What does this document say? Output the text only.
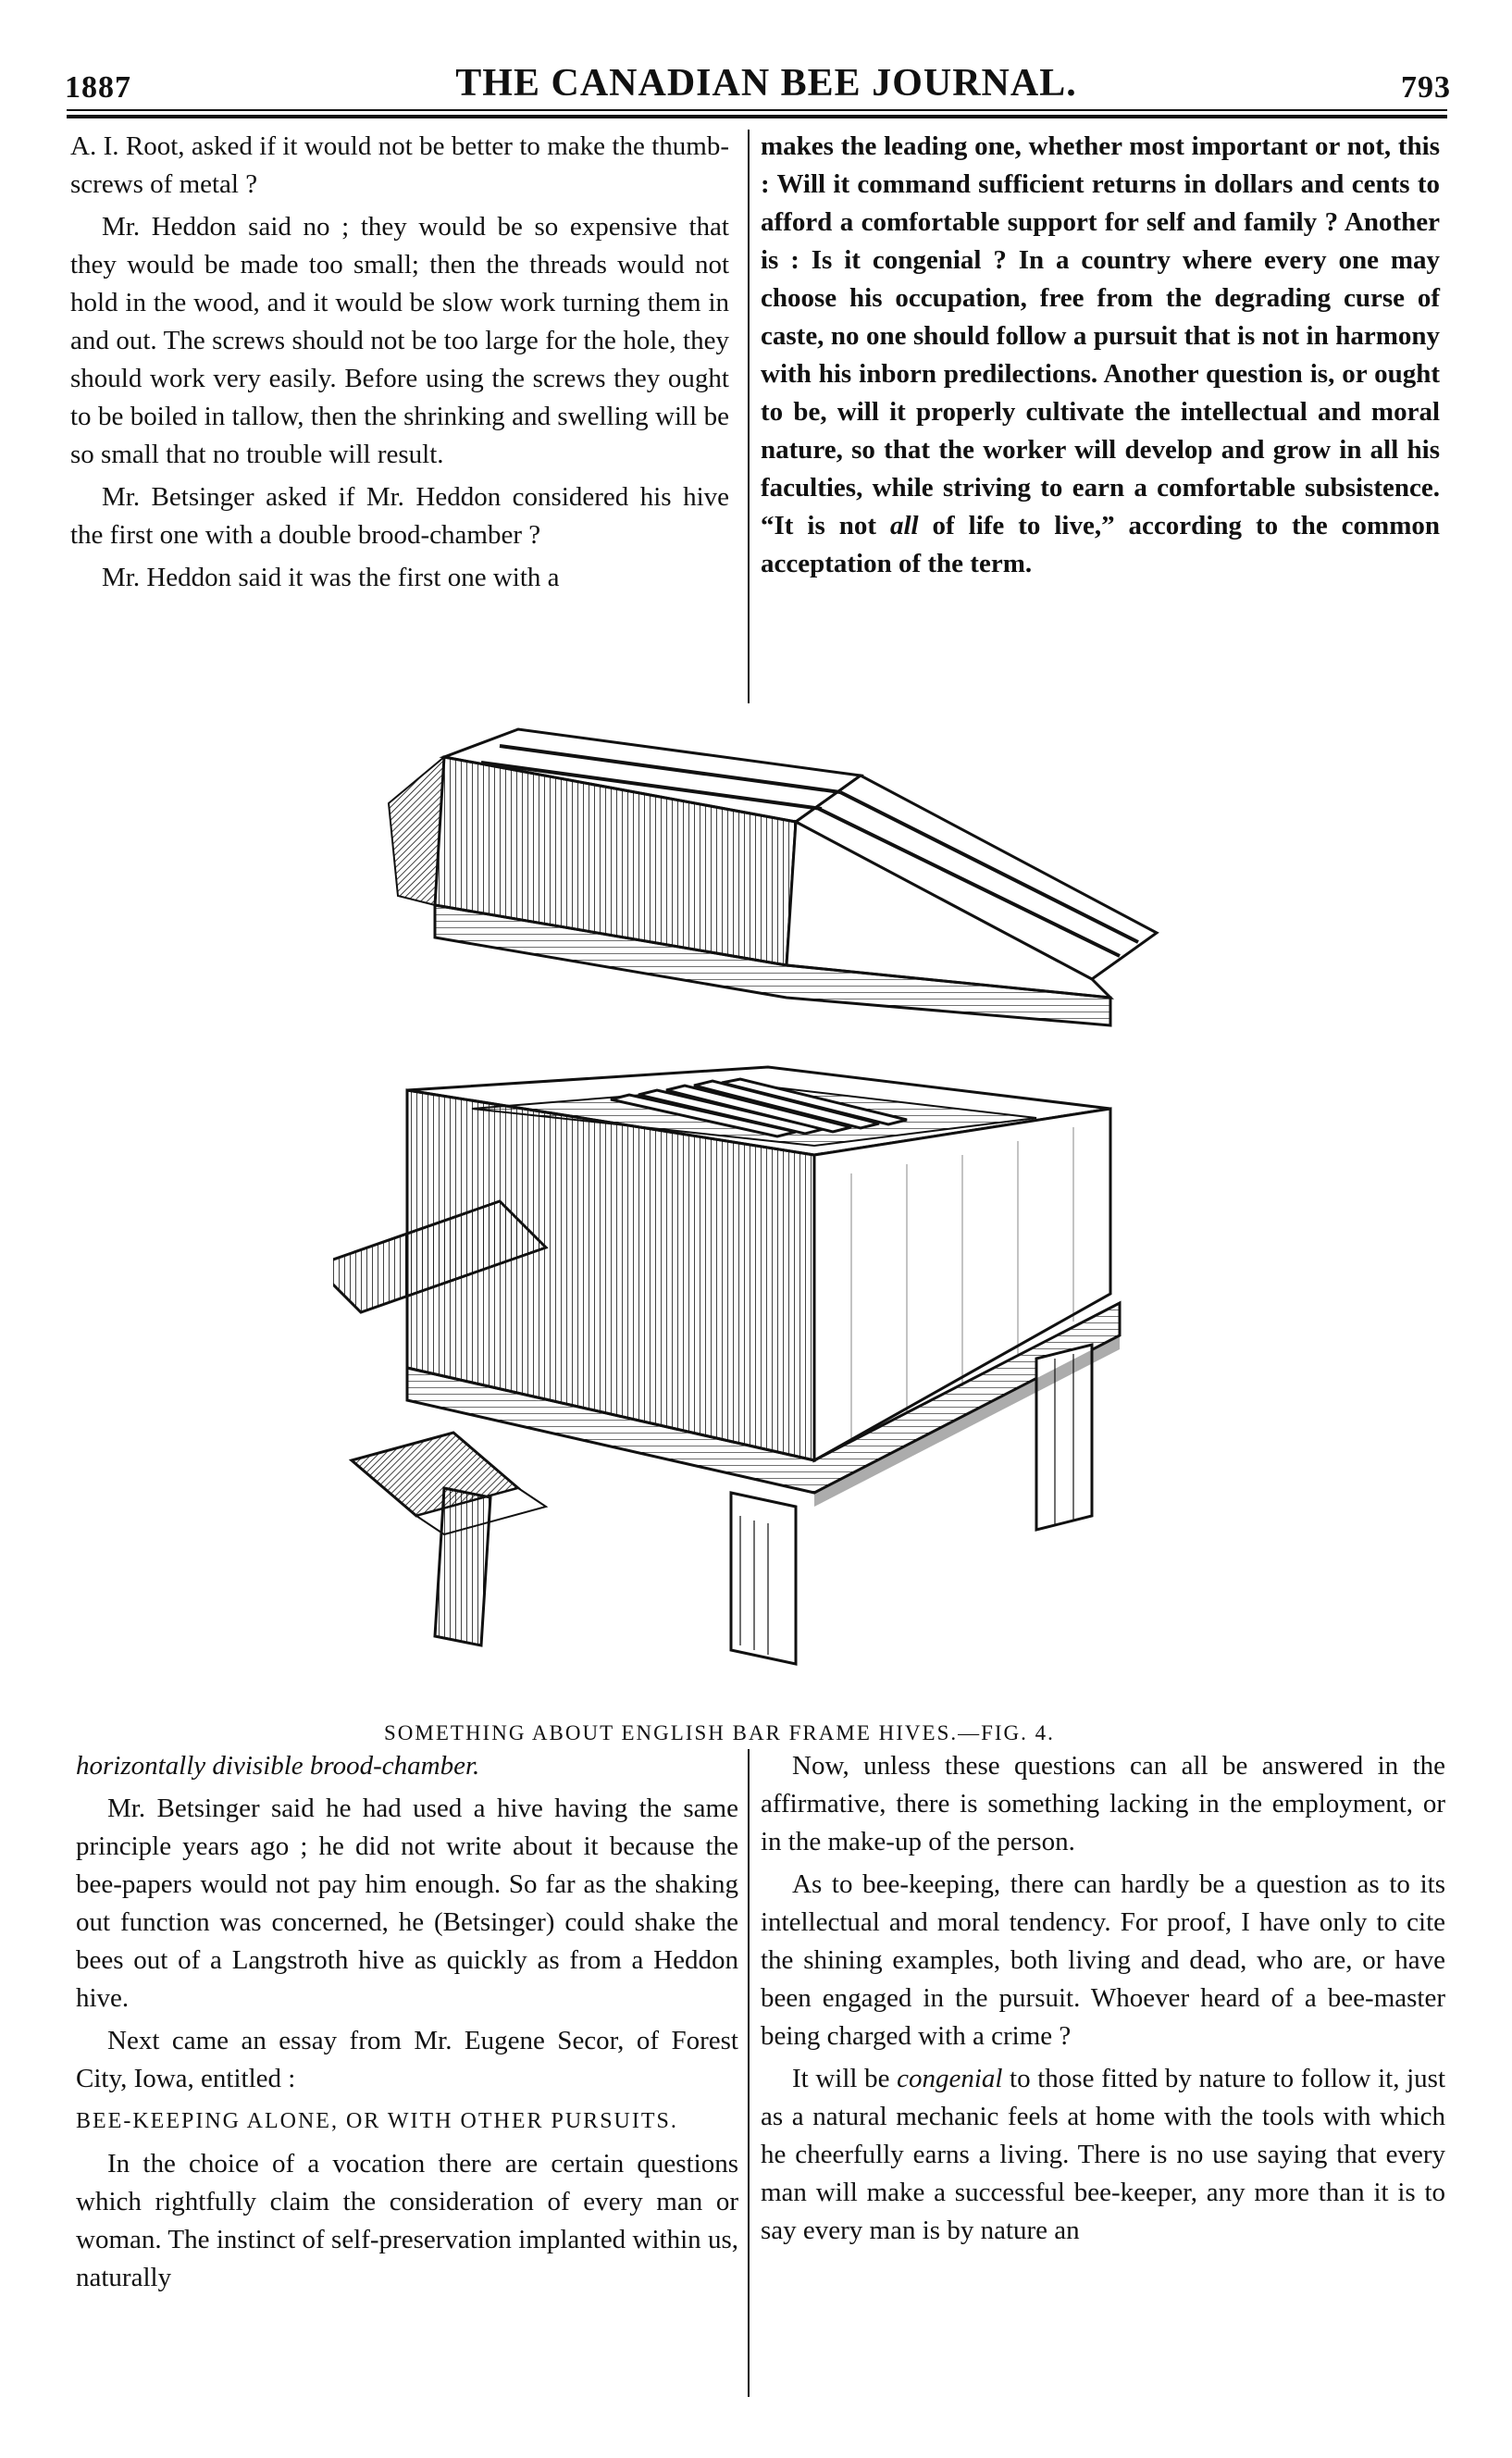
1887	THE CANADIAN BEE JOURNAL.	793

A. I. Root, asked if it would not be better to make the thumb-screws of metal ?

Mr. Heddon said no ; they would be so expensive that they would be made too small; then the threads would not hold in the wood, and it would be slow work turning them in and out. The screws should not be too large for the hole, they should work very easily. Before using the screws they ought to be boiled in tallow, then the shrinking and swelling will be so small that no trouble will result.

Mr. Betsinger asked if Mr. Heddon considered his hive the first one with a double brood-chamber ?

Mr. Heddon said it was the first one with a

makes the leading one, whether most important or not, this : Will it command sufficient returns in dollars and cents to afford a comfortable support for self and family ? Another is : Is it congenial ? In a country where every one may choose his occupation, free from the degrading curse of caste, no one should follow a pursuit that is not in harmony with his inborn predilections. Another question is, or ought to be, will it properly cultivate the intellectual and moral nature, so that the worker will develop and grow in all his faculties, while striving to earn a comfortable subsistence. “It is not all of life to live,” according to the common acceptation of the term.

SOMETHING ABOUT ENGLISH BAR FRAME HIVES.—FIG. 4.

horizontally divisible brood-chamber.

Mr. Betsinger said he had used a hive having the same principle years ago ; he did not write about it because the bee-papers would not pay him enough. So far as the shaking out function was concerned, he (Betsinger) could shake the bees out of a Langstroth hive as quickly as from a Heddon hive.

Next came an essay from Mr. Eugene Secor, of Forest City, Iowa, entitled :

BEE-KEEPING ALONE, OR WITH OTHER PURSUITS.

In the choice of a vocation there are certain questions which rightfully claim the consideration of every man or woman. The instinct of self-preservation implanted within us, naturally

Now, unless these questions can all be answered in the affirmative, there is something lacking in the employment, or in the make-up of the person.

As to bee-keeping, there can hardly be a question as to its intellectual and moral tendency. For proof, I have only to cite the shining examples, both living and dead, who are, or have been engaged in the pursuit. Whoever heard of a bee-master being charged with a crime ?

It will be congenial to those fitted by nature to follow it, just as a natural mechanic feels at home with the tools with which he cheerfully earns a living. There is no use saying that every man will make a successful bee-keeper, any more than it is to say every man is by nature an
